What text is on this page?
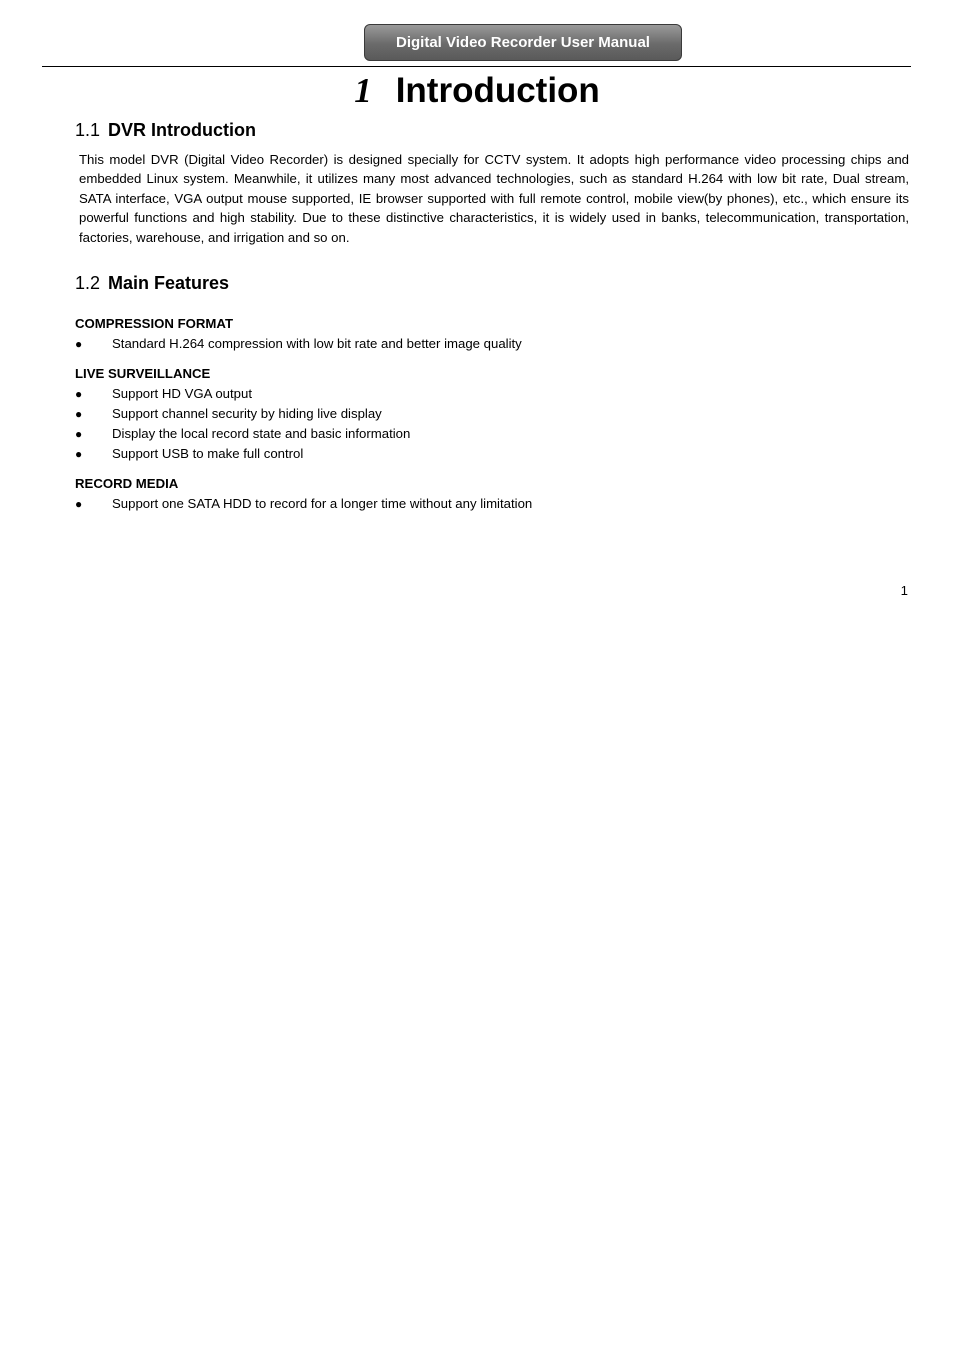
Digital Video Recorder User Manual
1 Introduction
1.1 DVR Introduction
This model DVR (Digital Video Recorder) is designed specially for CCTV system. It adopts high performance video processing chips and embedded Linux system. Meanwhile, it utilizes many most advanced technologies, such as standard H.264 with low bit rate, Dual stream, SATA interface, VGA output mouse supported, IE browser supported with full remote control, mobile view(by phones), etc., which ensure its powerful functions and high stability. Due to these distinctive characteristics, it is widely used in banks, telecommunication, transportation, factories, warehouse, and irrigation and so on.
1.2 Main Features
COMPRESSION FORMAT
●	Standard H.264 compression with low bit rate and better image quality
LIVE SURVEILLANCE
●	Support HD VGA output
●	Support channel security by hiding live display
●	Display the local record state and basic information
●	Support USB to make full control
RECORD MEDIA
●	Support one SATA HDD to record for a longer time without any limitation
1
